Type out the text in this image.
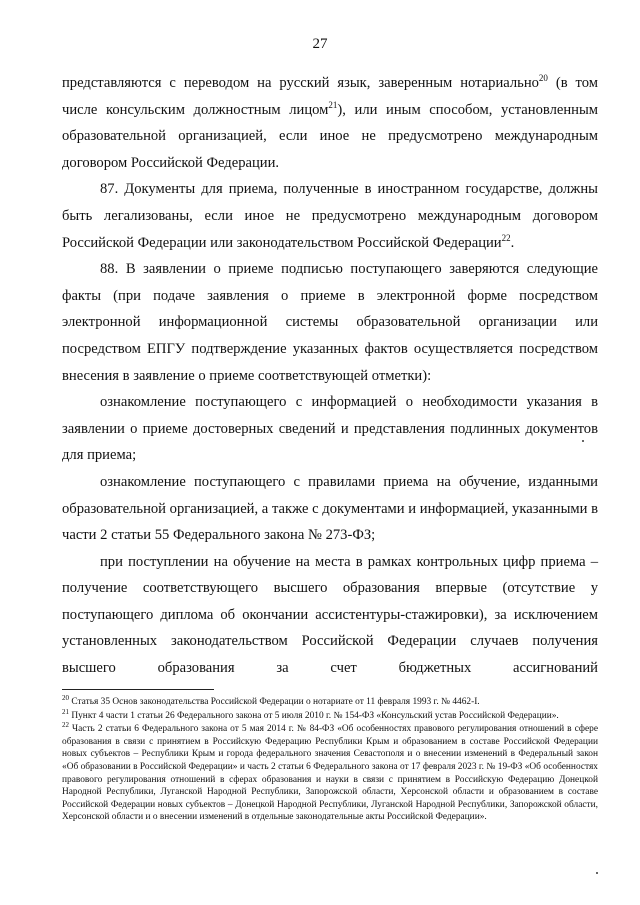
27

представляются с переводом на русский язык, заверенным нотариально$^{20}$ (в том числе консульским должностным лицом$^{21}$), или иным способом, установленным образовательной организацией, если иное не предусмотрено международным договором Российской Федерации.

87. Документы для приема, полученные в иностранном государстве, должны быть легализованы, если иное не предусмотрено международным договором Российской Федерации или законодательством Российской Федерации$^{22}$.

88. В заявлении о приеме подписью поступающего заверяются следующие факты (при подаче заявления о приеме в электронной форме посредством электронной информационной системы образовательной организации или посредством ЕПГУ подтверждение указанных фактов осуществляется посредством внесения в заявление о приеме соответствующей отметки):

ознакомление поступающего с информацией о необходимости указания в заявлении о приеме достоверных сведений и представления подлинных документов для приема;

ознакомление поступающего с правилами приема на обучение, изданными образовательной организацией, а также с документами и информацией, указанными в части 2 статьи 55 Федерального закона № 273-ФЗ;

при поступлении на обучение на места в рамках контрольных цифр приема – получение соответствующего высшего образования впервые (отсутствие у поступающего диплома об окончании ассистентуры-стажировки), за исключением установленных законодательством Российской Федерации случаев получения высшего образования за счет бюджетных ассигнований

$^{20}$ Статья 35 Основ законодательства Российской Федерации о нотариате от 11 февраля 1993 г. № 4462-I.

$^{21}$ Пункт 4 части 1 статьи 26 Федерального закона от 5 июля 2010 г. № 154-ФЗ «Консульский устав Российской Федерации».

$^{22}$ Часть 2 статьи 6 Федерального закона от 5 мая 2014 г. № 84-ФЗ «Об особенностях правового регулирования отношений в сфере образования в связи с принятием в Российскую Федерацию Республики Крым и образованием в составе Российской Федерации новых субъектов – Республики Крым и города федерального значения Севастополя и о внесении изменений в Федеральный закон «Об образовании в Российской Федерации» и часть 2 статьи 6 Федерального закона от 17 февраля 2023 г. № 19-ФЗ «Об особенностях правового регулирования отношений в сферах образования и науки в связи с принятием в Российскую Федерацию Донецкой Народной Республики, Луганской Народной Республики, Запорожской области, Херсонской области и образованием в составе Российской Федерации новых субъектов – Донецкой Народной Республики, Луганской Народной Республики, Запорожской области, Херсонской области и о внесении изменений в отдельные законодательные акты Российской Федерации».
